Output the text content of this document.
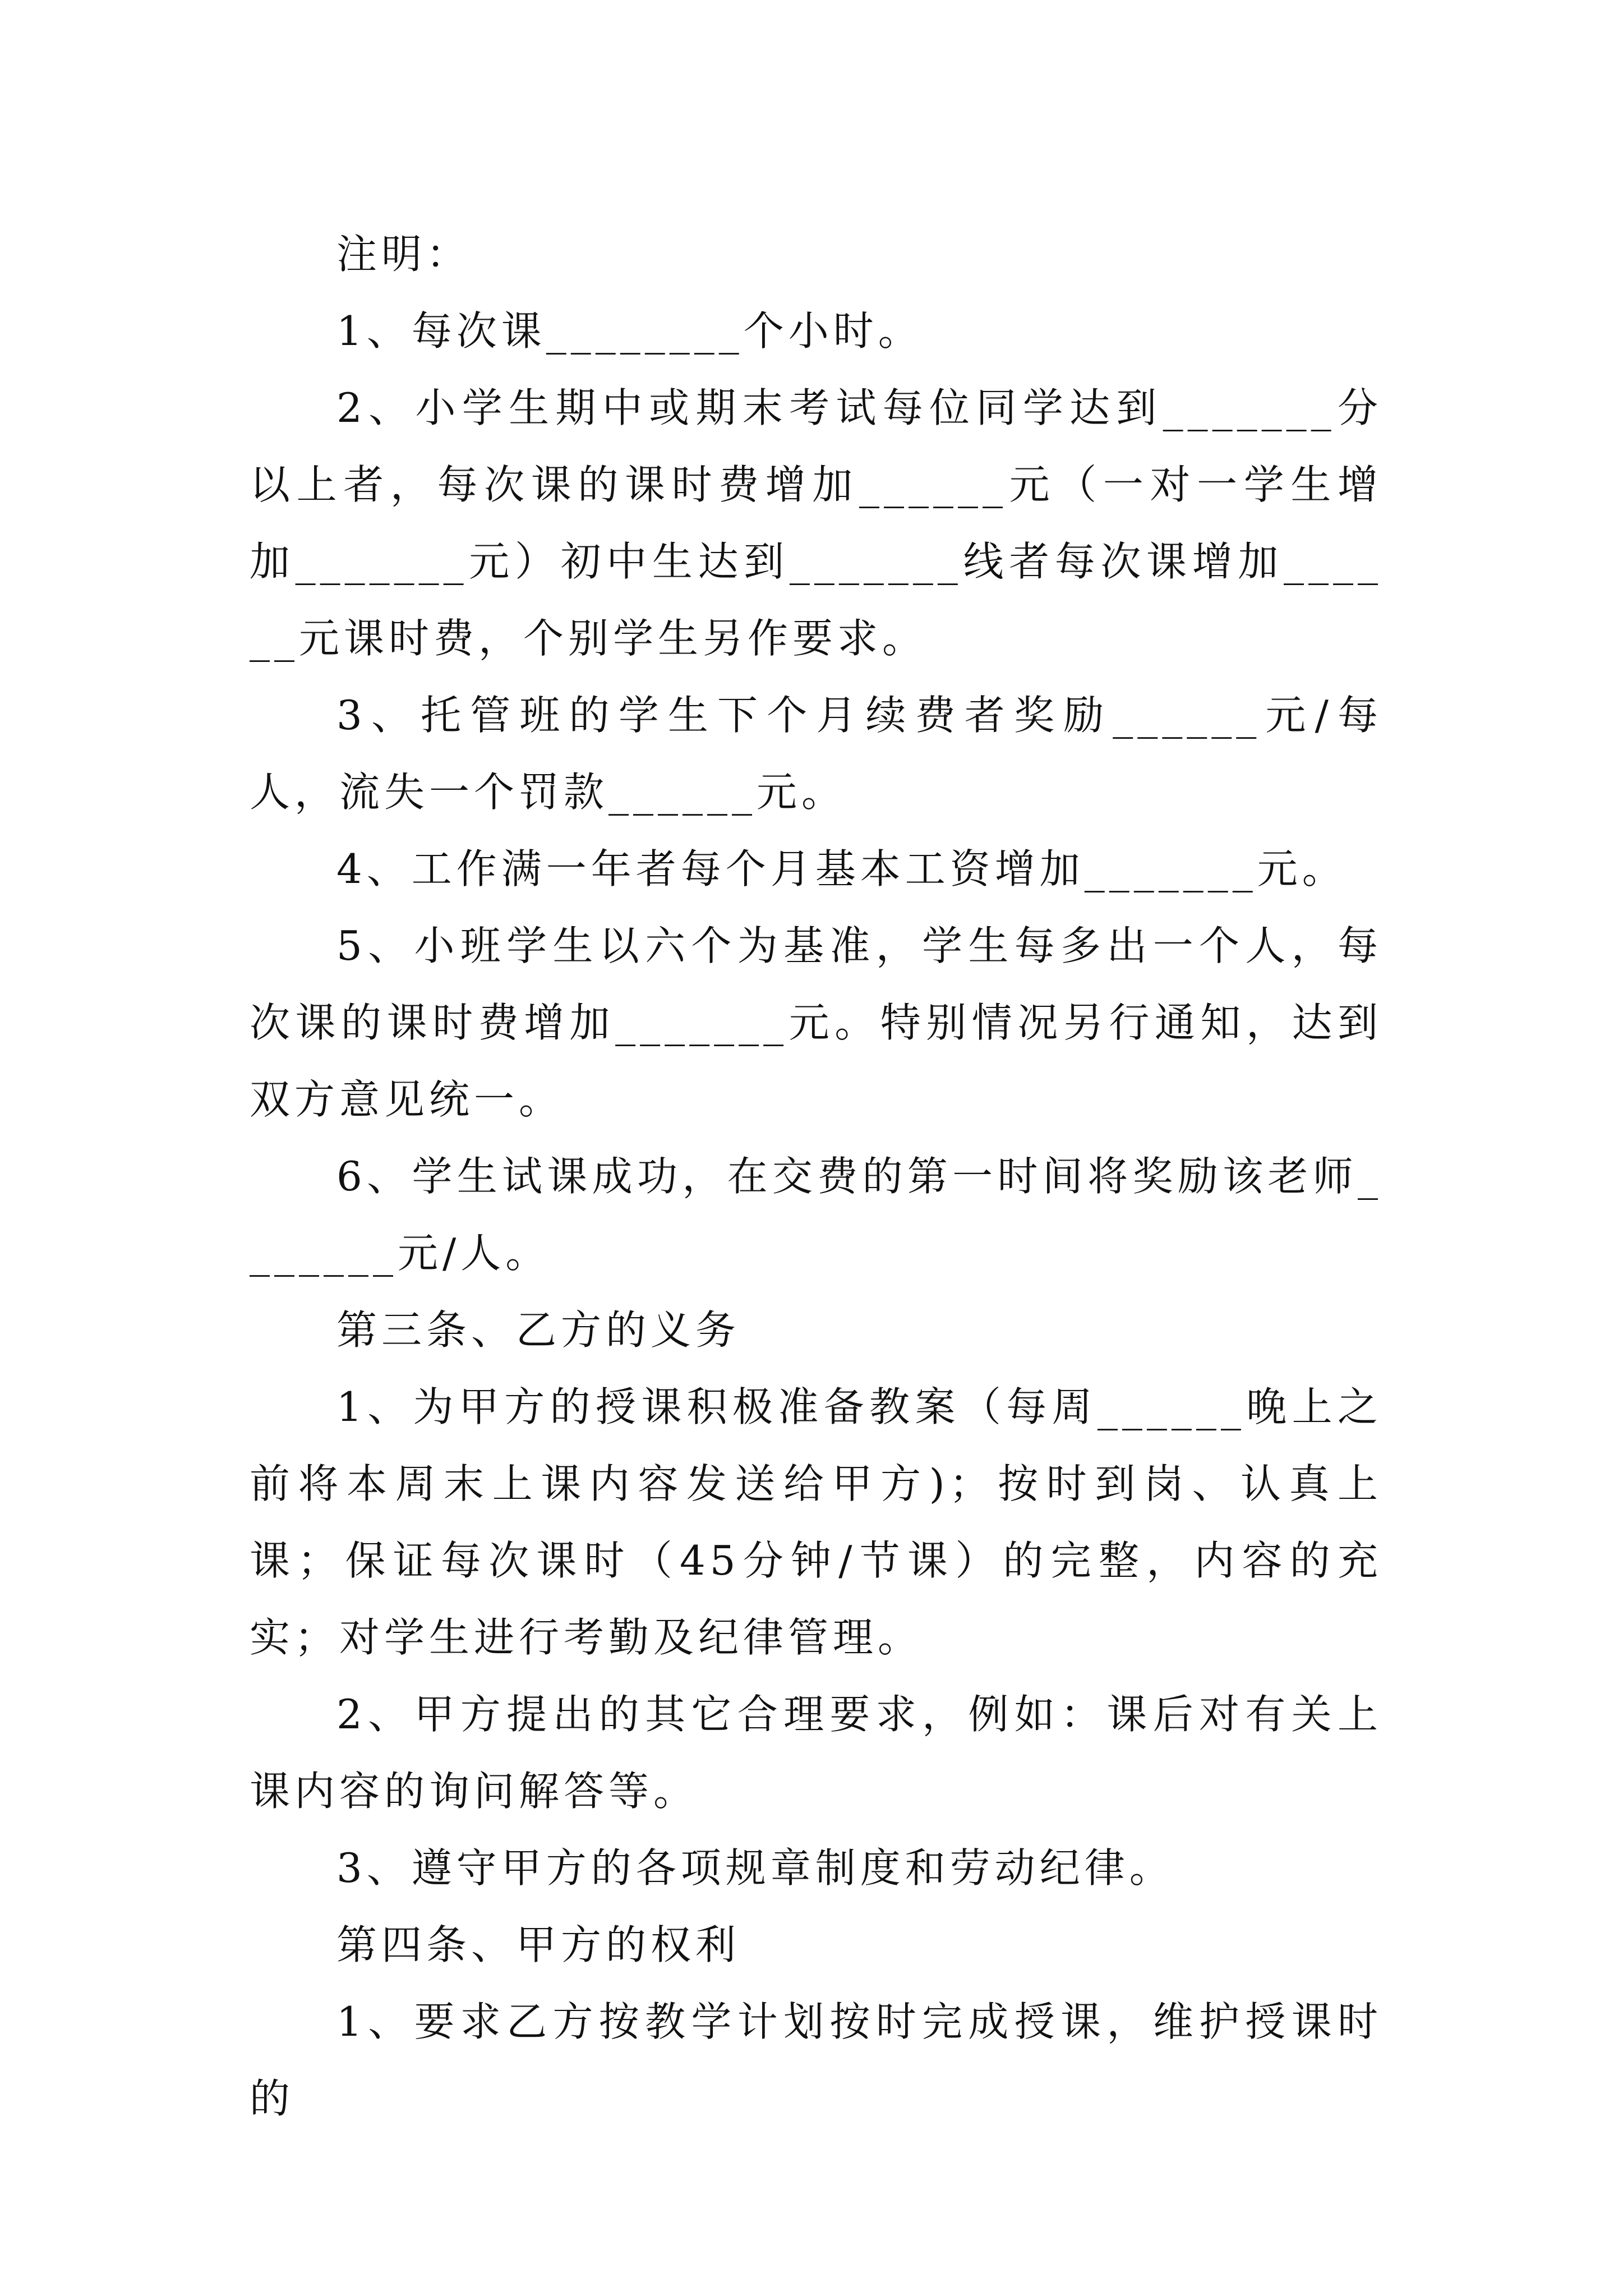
注明：

1、每次课________个小时。

2、小学生期中或期末考试每位同学达到_______分以上者，每次课的课时费增加______元（一对一学生增加_______元）初中生达到_______线者每次课增加______元课时费，个别学生另作要求。

3、托管班的学生下个月续费者奖励______元/每人，流失一个罚款______元。

4、工作满一年者每个月基本工资增加_______元。

5、小班学生以六个为基准，学生每多出一个人，每次课的课时费增加_______元。特别情况另行通知，达到双方意见统一。

6、学生试课成功，在交费的第一时间将奖励该老师_______元/人。

第三条、乙方的义务

1、为甲方的授课积极准备教案（每周______晚上之前将本周末上课内容发送给甲方)；按时到岗、认真上课；保证每次课时（45分钟/节课）的完整，内容的充实；对学生进行考勤及纪律管理。

2、甲方提出的其它合理要求，例如：课后对有关上课内容的询问解答等。

3、遵守甲方的各项规章制度和劳动纪律。

第四条、甲方的权利

1、要求乙方按教学计划按时完成授课，维护授课时的
